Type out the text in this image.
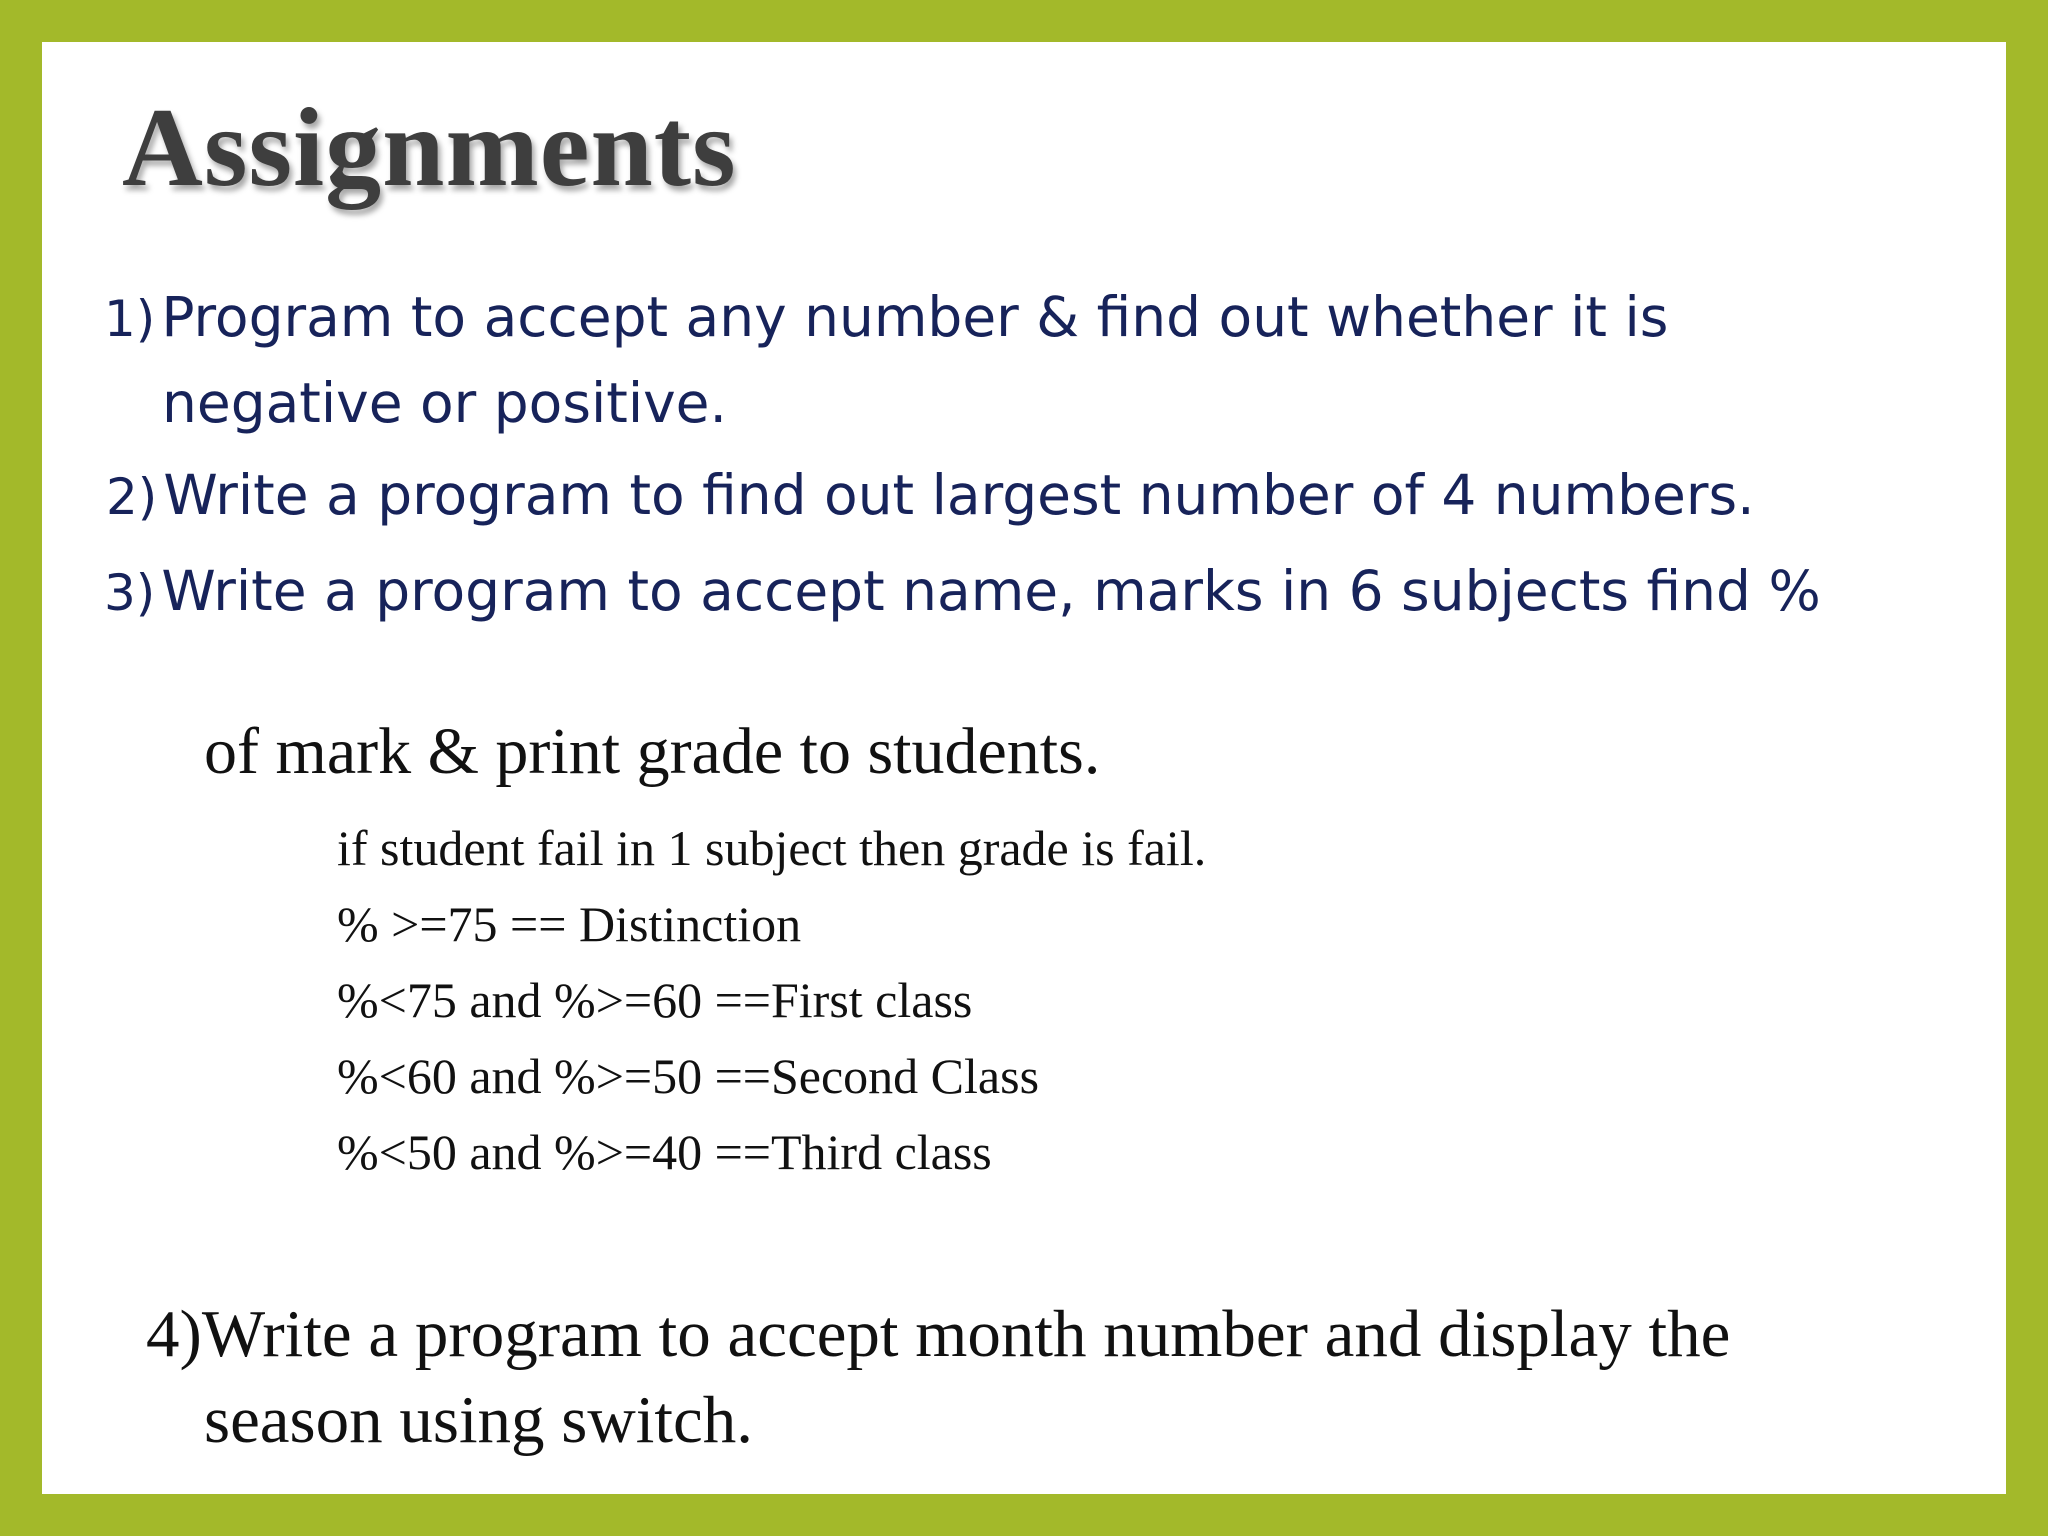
Assignments
1) Program to accept any number & find out whether it is
negative or positive.
2) Write a program to find out largest number of 4 numbers.
3) Write a program to accept name, marks in 6 subjects find %
of mark & print grade to students.
if student fail in 1 subject then grade is fail.
% >=75 == Distinction
%<75 and %>=60 ==First class
%<60 and %>=50 ==Second Class
%<50 and %>=40 ==Third class
4)Write a program to accept month number and display the
season using switch.
